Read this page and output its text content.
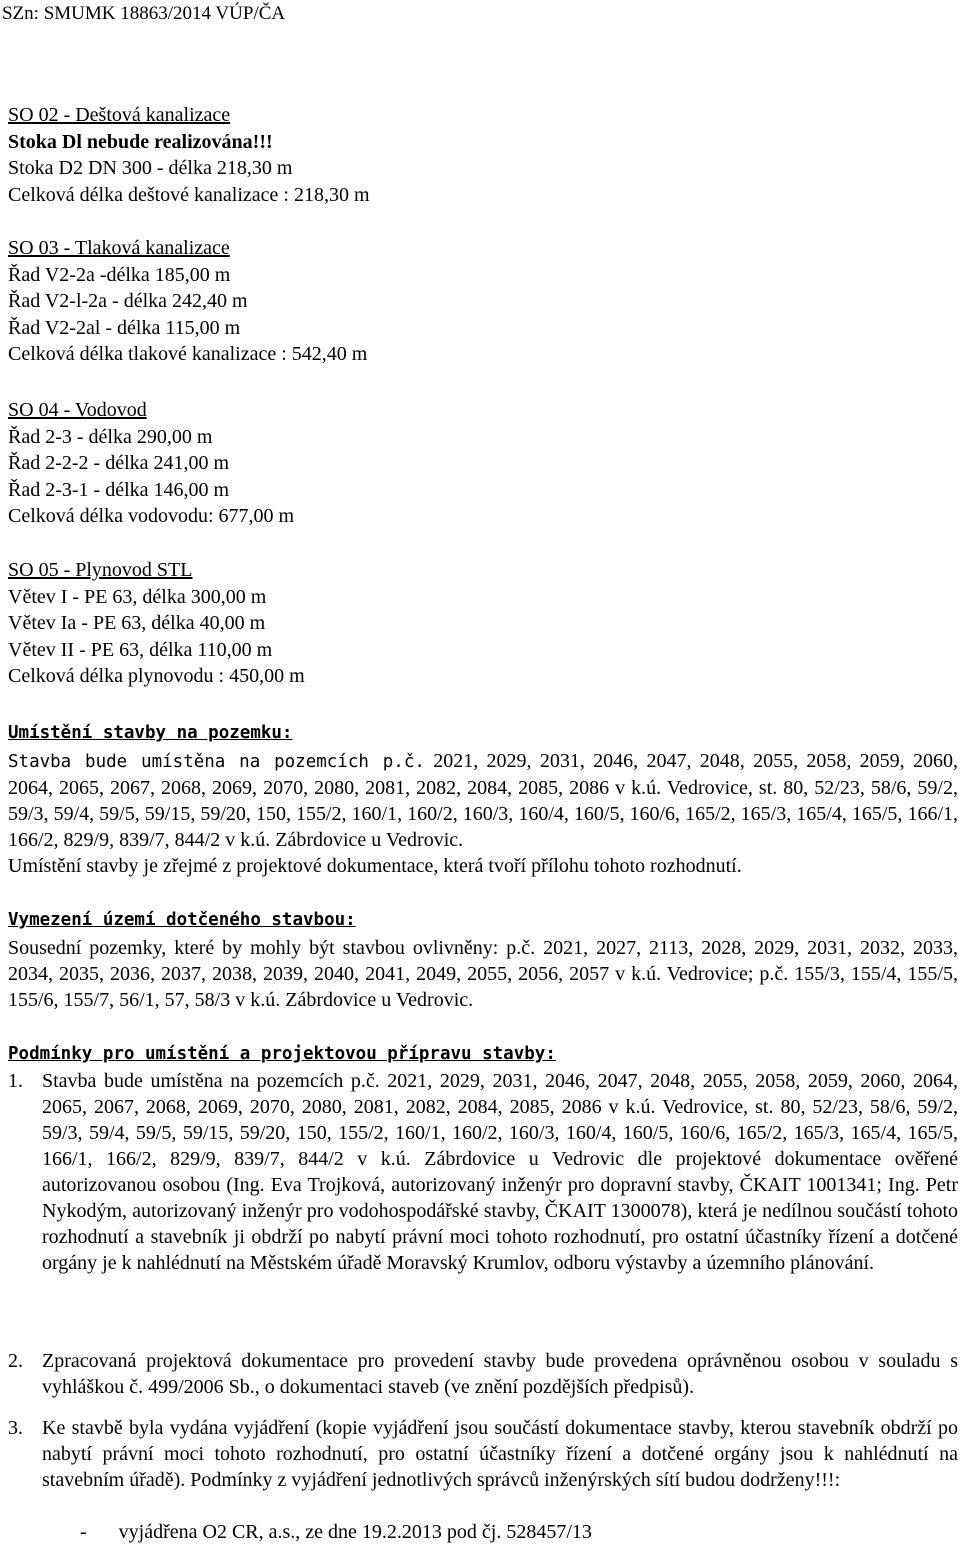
SZn: SMUMK 18863/2014 VÚP/ČA
SO 02 - Deštová kanalizace
Stoka Dl nebude realizována!!!
Stoka D2 DN 300 - délka 218,30 m
Celková délka deštové kanalizace : 218,30 m
SO 03 - Tlaková kanalizace
Řad V2-2a -délka 185,00 m
Řad V2-l-2a - délka 242,40 m
Řad V2-2al - délka 115,00 m
Celková délka tlakové kanalizace : 542,40 m
SO 04 - Vodovod
Řad 2-3 - délka 290,00 m
Řad 2-2-2 - délka 241,00 m
Řad 2-3-1 - délka 146,00 m
Celková délka vodovodu: 677,00 m
SO 05 - Plynovod STL
Větev I - PE 63, délka 300,00 m
Větev Ia - PE 63, délka 40,00 m
Větev II - PE 63, délka 110,00 m
Celková délka plynovodu : 450,00 m
Umístění stavby na pozemku:
Stavba bude umístěna na pozemcích p.č. 2021, 2029, 2031, 2046, 2047, 2048, 2055, 2058, 2059, 2060, 2064, 2065, 2067, 2068, 2069, 2070, 2080, 2081, 2082, 2084, 2085, 2086 v k.ú. Vedrovice, st. 80, 52/23, 58/6, 59/2, 59/3, 59/4, 59/5, 59/15, 59/20, 150, 155/2, 160/1, 160/2, 160/3, 160/4, 160/5, 160/6, 165/2, 165/3, 165/4, 165/5, 166/1, 166/2, 829/9, 839/7, 844/2 v k.ú. Zábrdovice u Vedrovic.
Umístění stavby je zřejmé z projektové dokumentace, která tvoří přílohu tohoto rozhodnutí.
Vymezení území dotčeného stavbou:
Sousední pozemky, které by mohly být stavbou ovlivněny: p.č. 2021, 2027, 2113, 2028, 2029, 2031, 2032, 2033, 2034, 2035, 2036, 2037, 2038, 2039, 2040, 2041, 2049, 2055, 2056, 2057 v k.ú. Vedrovice; p.č. 155/3, 155/4, 155/5, 155/6, 155/7, 56/1, 57, 58/3 v k.ú. Zábrdovice u Vedrovic.
Podmínky pro umístění a projektovou přípravu stavby:
1. Stavba bude umístěna na pozemcích p.č. 2021, 2029, 2031, 2046, 2047, 2048, 2055, 2058, 2059, 2060, 2064, 2065, 2067, 2068, 2069, 2070, 2080, 2081, 2082, 2084, 2085, 2086 v k.ú. Vedrovice, st. 80, 52/23, 58/6, 59/2, 59/3, 59/4, 59/5, 59/15, 59/20, 150, 155/2, 160/1, 160/2, 160/3, 160/4, 160/5, 160/6, 165/2, 165/3, 165/4, 165/5, 166/1, 166/2, 829/9, 839/7, 844/2 v k.ú. Zábrdovice u Vedrovic dle projektové dokumentace ověřené autorizovanou osobou (Ing. Eva Trojková, autorizovaný inženýr pro dopravní stavby, ČKAIT 1001341; Ing. Petr Nykodým, autorizovaný inženýr pro vodohospodářské stavby, ČKAIT 1300078), která je nedílnou součástí tohoto rozhodnutí a stavebník ji obdrží po nabytí právní moci tohoto rozhodnutí, pro ostatní účastníky řízení a dotčené orgány je k nahlédnutí na Městském úřadě Moravský Krumlov, odboru výstavby a územního plánování.
2. Zpracovaná projektová dokumentace pro provedení stavby bude provedena oprávněnou osobou v souladu s vyhláškou č. 499/2006 Sb., o dokumentaci staveb (ve znění pozdějších předpisů).
3. Ke stavbě byla vydána vyjádření (kopie vyjádření jsou součástí dokumentace stavby, kterou stavebník obdrží po nabytí právní moci tohoto rozhodnutí, pro ostatní účastníky řízení a dotčené orgány jsou k nahlédnutí na stavebním úřadě). Podmínky z vyjádření jednotlivých správců inženýrských sítí budou dodrženy!!!:
- vyjádřena O2 CR, a.s., ze dne 19.2.2013 pod čj. 528457/13
